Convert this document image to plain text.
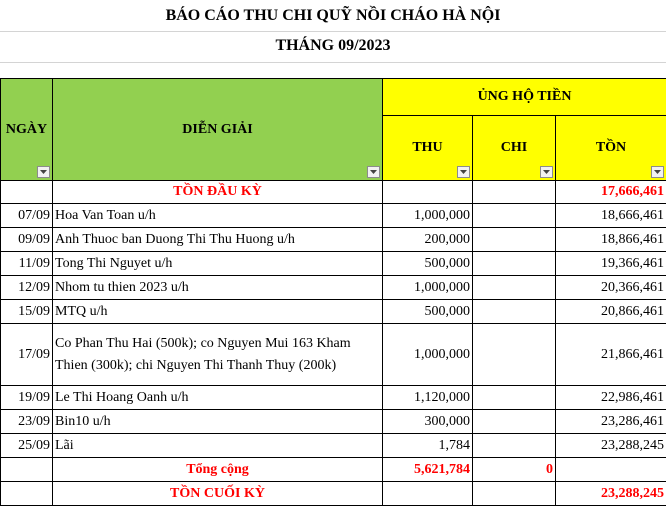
BÁO CÁO THU CHI QUỸ NỒI CHÁO HÀ NỘI
THÁNG 09/2023
NGÀY	DIỄN GIẢI	ỦNG HỘ TIỀN		
		THU	CHI	TỒN

	TỒN ĐẦU KỲ			17,666,461
07/09	Hoa Van Toan u/h	1,000,000		18,666,461
09/09	Anh Thuoc ban Duong Thi Thu Huong u/h	200,000		18,866,461
11/09	Tong Thi Nguyet u/h	500,000		19,366,461
12/09	Nhom tu thien 2023 u/h	1,000,000		20,366,461
15/09	MTQ u/h	500,000		20,866,461
17/09	Co Phan Thu Hai (500k); co Nguyen Mui 163 Kham Thien (300k); chi Nguyen Thi Thanh Thuy (200k)	1,000,000		21,866,461
19/09	Le Thi Hoang Oanh u/h	1,120,000		22,986,461
23/09	Bin10 u/h	300,000		23,286,461
25/09	Lãi	1,784		23,288,245
	Tổng cộng	5,621,784	0	
	TỒN CUỐI KỲ			23,288,245
